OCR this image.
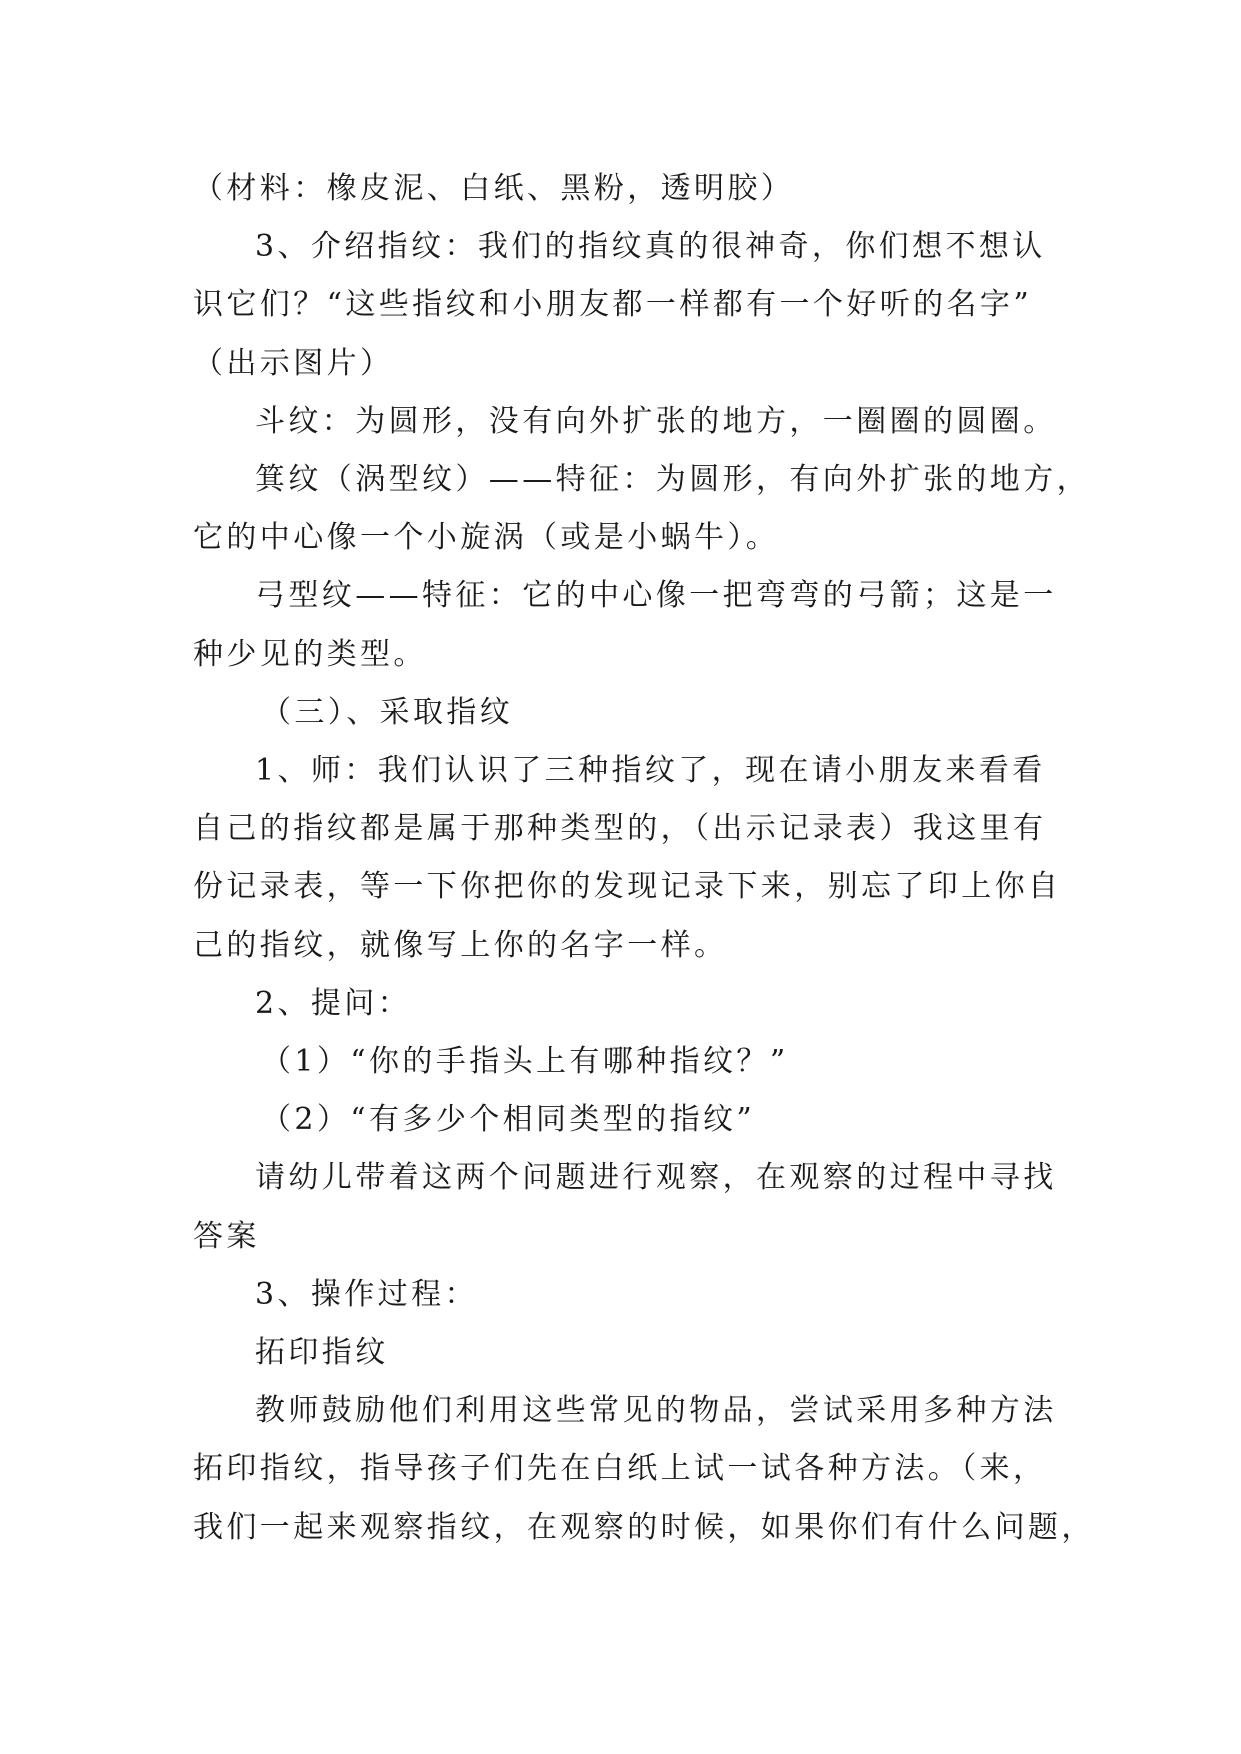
（材料：橡皮泥、白纸、黑粉，透明胶）

3、介绍指纹：我们的指纹真的很神奇，你们想不想认

识它们？“这些指纹和小朋友都一样都有一个好听的名字”

（出示图片）

斗纹：为圆形，没有向外扩张的地方，一圈圈的圆圈。

箕纹（涡型纹）——特征：为圆形，有向外扩张的地方，

它的中心像一个小旋涡（或是小蜗牛）。

弓型纹——特征：它的中心像一把弯弯的弓箭；这是一

种少见的类型。

（三）、采取指纹

1、师：我们认识了三种指纹了，现在请小朋友来看看

自己的指纹都是属于那种类型的，（出示记录表）我这里有

份记录表，等一下你把你的发现记录下来，别忘了印上你自

己的指纹，就像写上你的名字一样。

2、提问：

（1）“你的手指头上有哪种指纹？”

（2）“有多少个相同类型的指纹”

请幼儿带着这两个问题进行观察，在观察的过程中寻找

答案

3、操作过程：

拓印指纹

教师鼓励他们利用这些常见的物品，尝试采用多种方法

拓印指纹，指导孩子们先在白纸上试一试各种方法。（来，

我们一起来观察指纹，在观察的时候，如果你们有什么问题，
